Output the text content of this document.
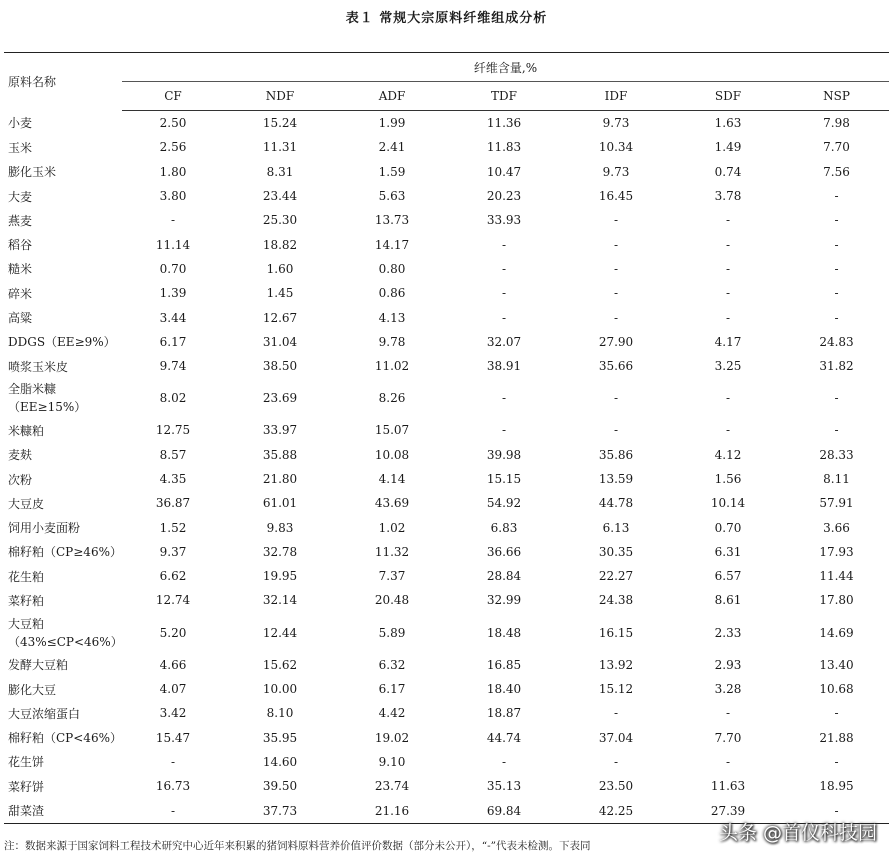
表１ 常规大宗原料纤维组成分析
原料名称	纤维含量,%						
	CF	NDF	ADF	TDF	IDF	SDF	NSP
小麦	2.50	15.24	1.99	11.36	9.73	1.63	7.98
玉米	2.56	11.31	2.41	11.83	10.34	1.49	7.70
膨化玉米	1.80	8.31	1.59	10.47	9.73	0.74	7.56
大麦	3.80	23.44	5.63	20.23	16.45	3.78	-
燕麦	-	25.30	13.73	33.93	-	-	-
稻谷	11.14	18.82	14.17	-	-	-	-
糙米	0.70	1.60	0.80	-	-	-	-
碎米	1.39	1.45	0.86	-	-	-	-
高粱	3.44	12.67	4.13	-	-	-	-
DDGS（EE≥9%）	6.17	31.04	9.78	32.07	27.90	4.17	24.83
喷浆玉米皮	9.74	38.50	11.02	38.91	35.66	3.25	31.82
全脂米糠（EE≥15%）	8.02	23.69	8.26	-	-	-	-
米糠粕	12.75	33.97	15.07	-	-	-	-
麦麸	8.57	35.88	10.08	39.98	35.86	4.12	28.33
次粉	4.35	21.80	4.14	15.15	13.59	1.56	8.11
大豆皮	36.87	61.01	43.69	54.92	44.78	10.14	57.91
饲用小麦面粉	1.52	9.83	1.02	6.83	6.13	0.70	3.66
棉籽粕（CP≥46%）	9.37	32.78	11.32	36.66	30.35	6.31	17.93
花生粕	6.62	19.95	7.37	28.84	22.27	6.57	11.44
菜籽粕	12.74	32.14	20.48	32.99	24.38	8.61	17.80
大豆粕（43%≤CP<46%）	5.20	12.44	5.89	18.48	16.15	2.33	14.69
发酵大豆粕	4.66	15.62	6.32	16.85	13.92	2.93	13.40
膨化大豆	4.07	10.00	6.17	18.40	15.12	3.28	10.68
大豆浓缩蛋白	3.42	8.10	4.42	18.87	-	-	-
棉籽粕（CP<46%）	15.47	35.95	19.02	44.74	37.04	7.70	21.88
花生饼	-	14.60	9.10	-	-	-	-
菜籽饼	16.73	39.50	23.74	35.13	23.50	11.63	18.95
甜菜渣	-	37.73	21.16	69.84	42.25	27.39	-
注：数据来源于国家饲料工程技术研究中心近年来积累的猪饲料原料营养价值评价数据（部分未公开），“-”代表未检测。下表同
头条 @首仪科技园
